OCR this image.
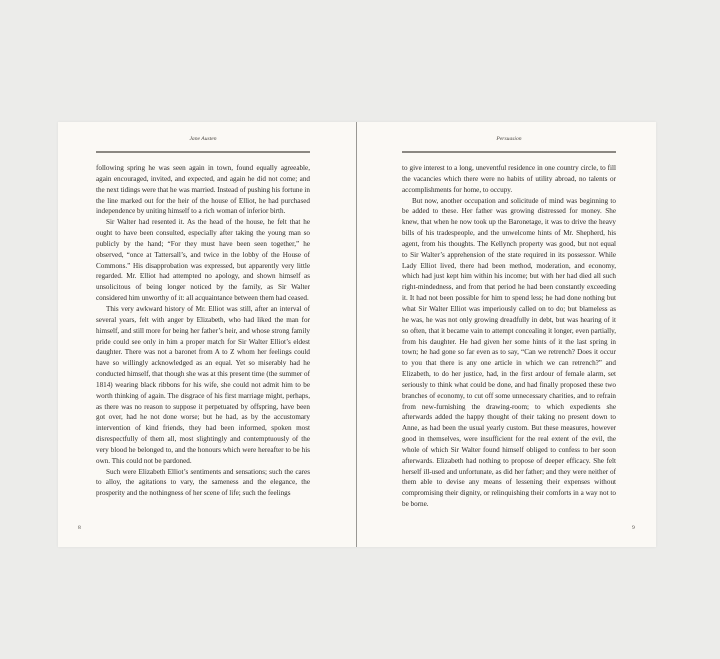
Jane Austen

following spring he was seen again in town, found equally agreeable, again encouraged, invited, and expected, and again he did not come; and the next tidings were that he was married. Instead of pushing his fortune in the line marked out for the heir of the house of Elliot, he had purchased independence by uniting himself to a rich woman of inferior birth.

Sir Walter had resented it. As the head of the house, he felt that he ought to have been consulted, especially after taking the young man so publicly by the hand; “For they must have been seen together,” he observed, “once at Tattersall’s, and twice in the lobby of the House of Commons.” His disapprobation was expressed, but apparently very little regarded. Mr. Elliot had attempted no apology, and shown himself as unsolicitous of being longer noticed by the family, as Sir Walter considered him unworthy of it: all acquaintance between them had ceased.

This very awkward history of Mr. Elliot was still, after an interval of several years, felt with anger by Elizabeth, who had liked the man for himself, and still more for being her father’s heir, and whose strong family pride could see only in him a proper match for Sir Walter Elliot’s eldest daughter. There was not a baronet from A to Z whom her feelings could have so willingly acknowledged as an equal. Yet so miserably had he conducted himself, that though she was at this present time (the summer of 1814) wearing black ribbons for his wife, she could not admit him to be worth thinking of again. The disgrace of his first marriage might, perhaps, as there was no reason to suppose it perpetuated by offspring, have been got over, had he not done worse; but he had, as by the accustomary intervention of kind friends, they had been informed, spoken most disrespectfully of them all, most slightingly and contemptuously of the very blood he belonged to, and the honours which were hereafter to be his own. This could not be pardoned.

Such were Elizabeth Elliot’s sentiments and sensations; such the cares to alloy, the agitations to vary, the sameness and the elegance, the prosperity and the nothingness of her scene of life; such the feelings

8
Persuasion

to give interest to a long, uneventful residence in one country circle, to fill the vacancies which there were no habits of utility abroad, no talents or accomplishments for home, to occupy.

But now, another occupation and solicitude of mind was beginning to be added to these. Her father was growing distressed for money. She knew, that when he now took up the Baronetage, it was to drive the heavy bills of his tradespeople, and the unwelcome hints of Mr. Shepherd, his agent, from his thoughts. The Kellynch property was good, but not equal to Sir Walter’s apprehension of the state required in its possessor. While Lady Elliot lived, there had been method, moderation, and economy, which had just kept him within his income; but with her had died all such right-mindedness, and from that period he had been constantly exceeding it. It had not been possible for him to spend less; he had done nothing but what Sir Walter Elliot was imperiously called on to do; but blameless as he was, he was not only growing dreadfully in debt, but was hearing of it so often, that it became vain to attempt concealing it longer, even partially, from his daughter. He had given her some hints of it the last spring in town; he had gone so far even as to say, “Can we retrench? Does it occur to you that there is any one article in which we can retrench?” and Elizabeth, to do her justice, had, in the first ardour of female alarm, set seriously to think what could be done, and had finally proposed these two branches of economy, to cut off some unnecessary charities, and to refrain from new-furnishing the drawing-room; to which expedients she afterwards added the happy thought of their taking no present down to Anne, as had been the usual yearly custom. But these measures, however good in themselves, were insufficient for the real extent of the evil, the whole of which Sir Walter found himself obliged to confess to her soon afterwards. Elizabeth had nothing to propose of deeper efficacy. She felt herself ill-used and unfortunate, as did her father; and they were neither of them able to devise any means of lessening their expenses without compromising their dignity, or relinquishing their comforts in a way not to be borne.

9
